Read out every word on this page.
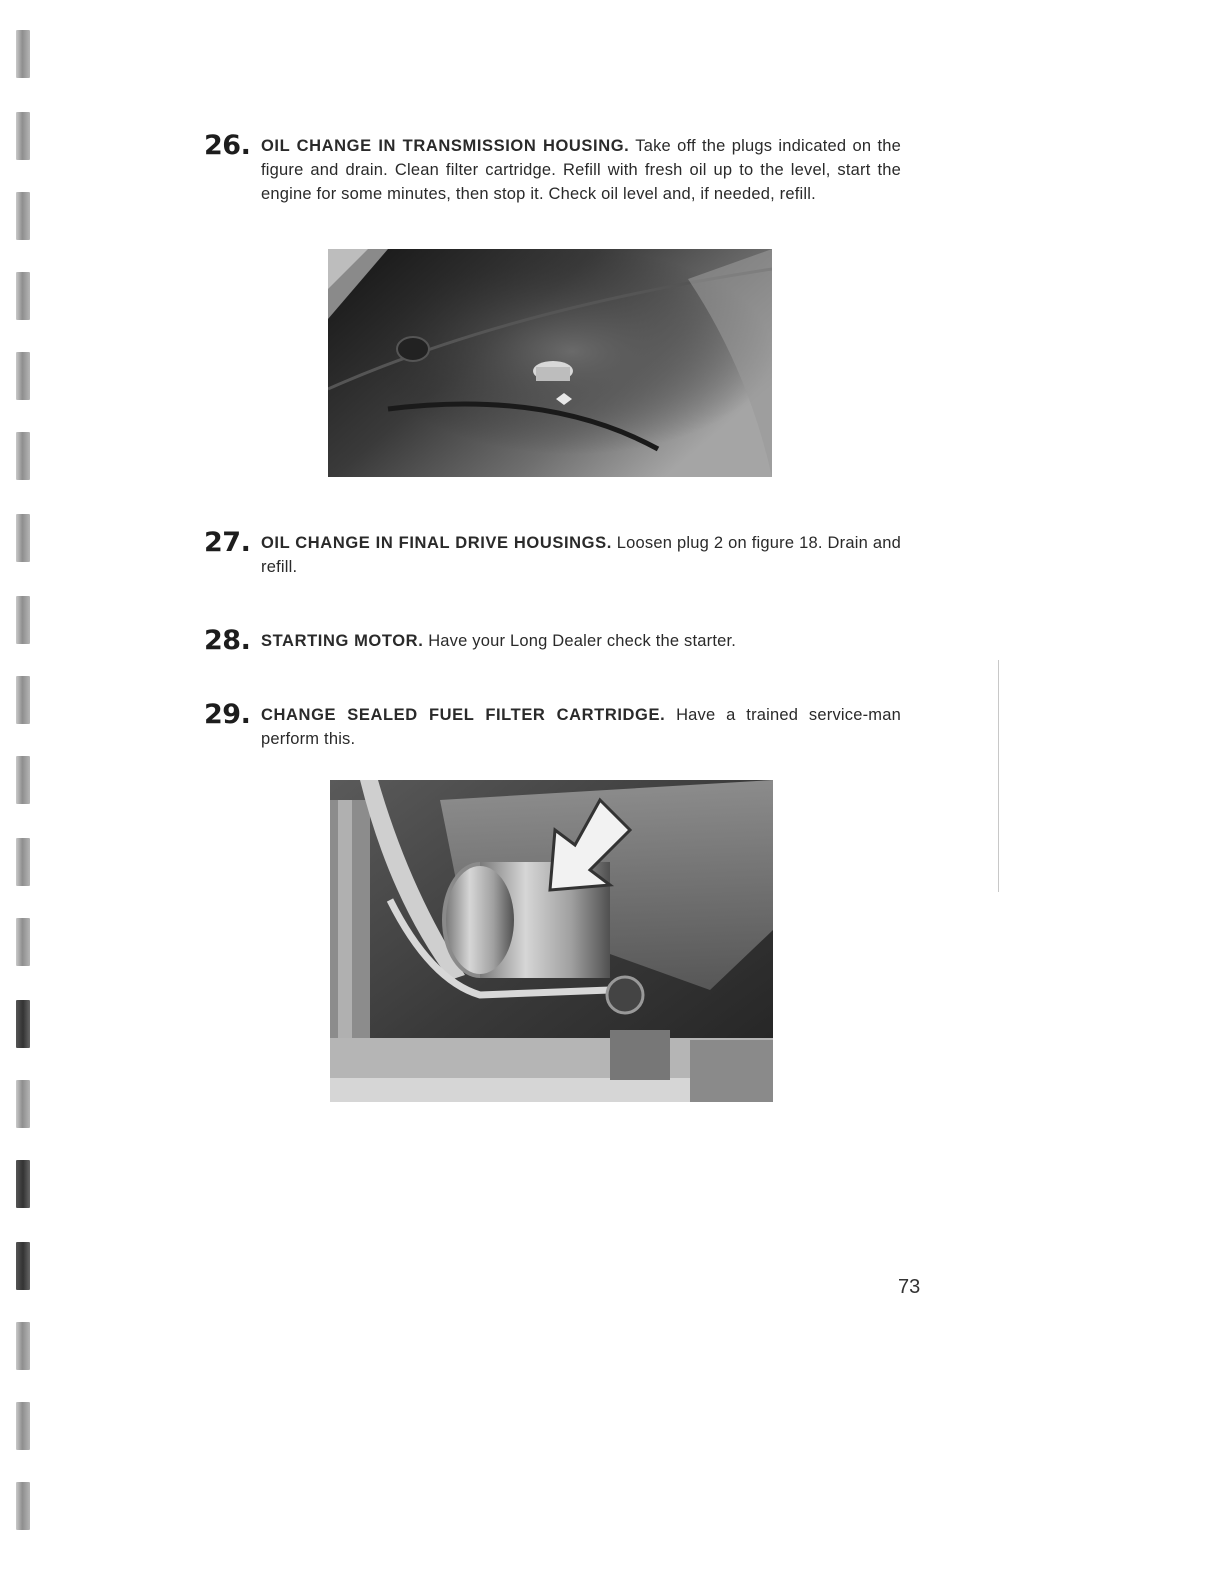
26. OIL CHANGE IN TRANSMISSION HOUSING. Take off the plugs indicated on the figure and drain. Clean filter cartridge. Refill with fresh oil up to the level, start the engine for some minutes, then stop it. Check oil level and, if needed, refill.
27. OIL CHANGE IN FINAL DRIVE HOUSINGS. Loosen plug 2 on figure 18. Drain and refill.
28. STARTING MOTOR. Have your Long Dealer check the starter.
29. CHANGE SEALED FUEL FILTER CARTRIDGE. Have a trained service-man perform this.
73
